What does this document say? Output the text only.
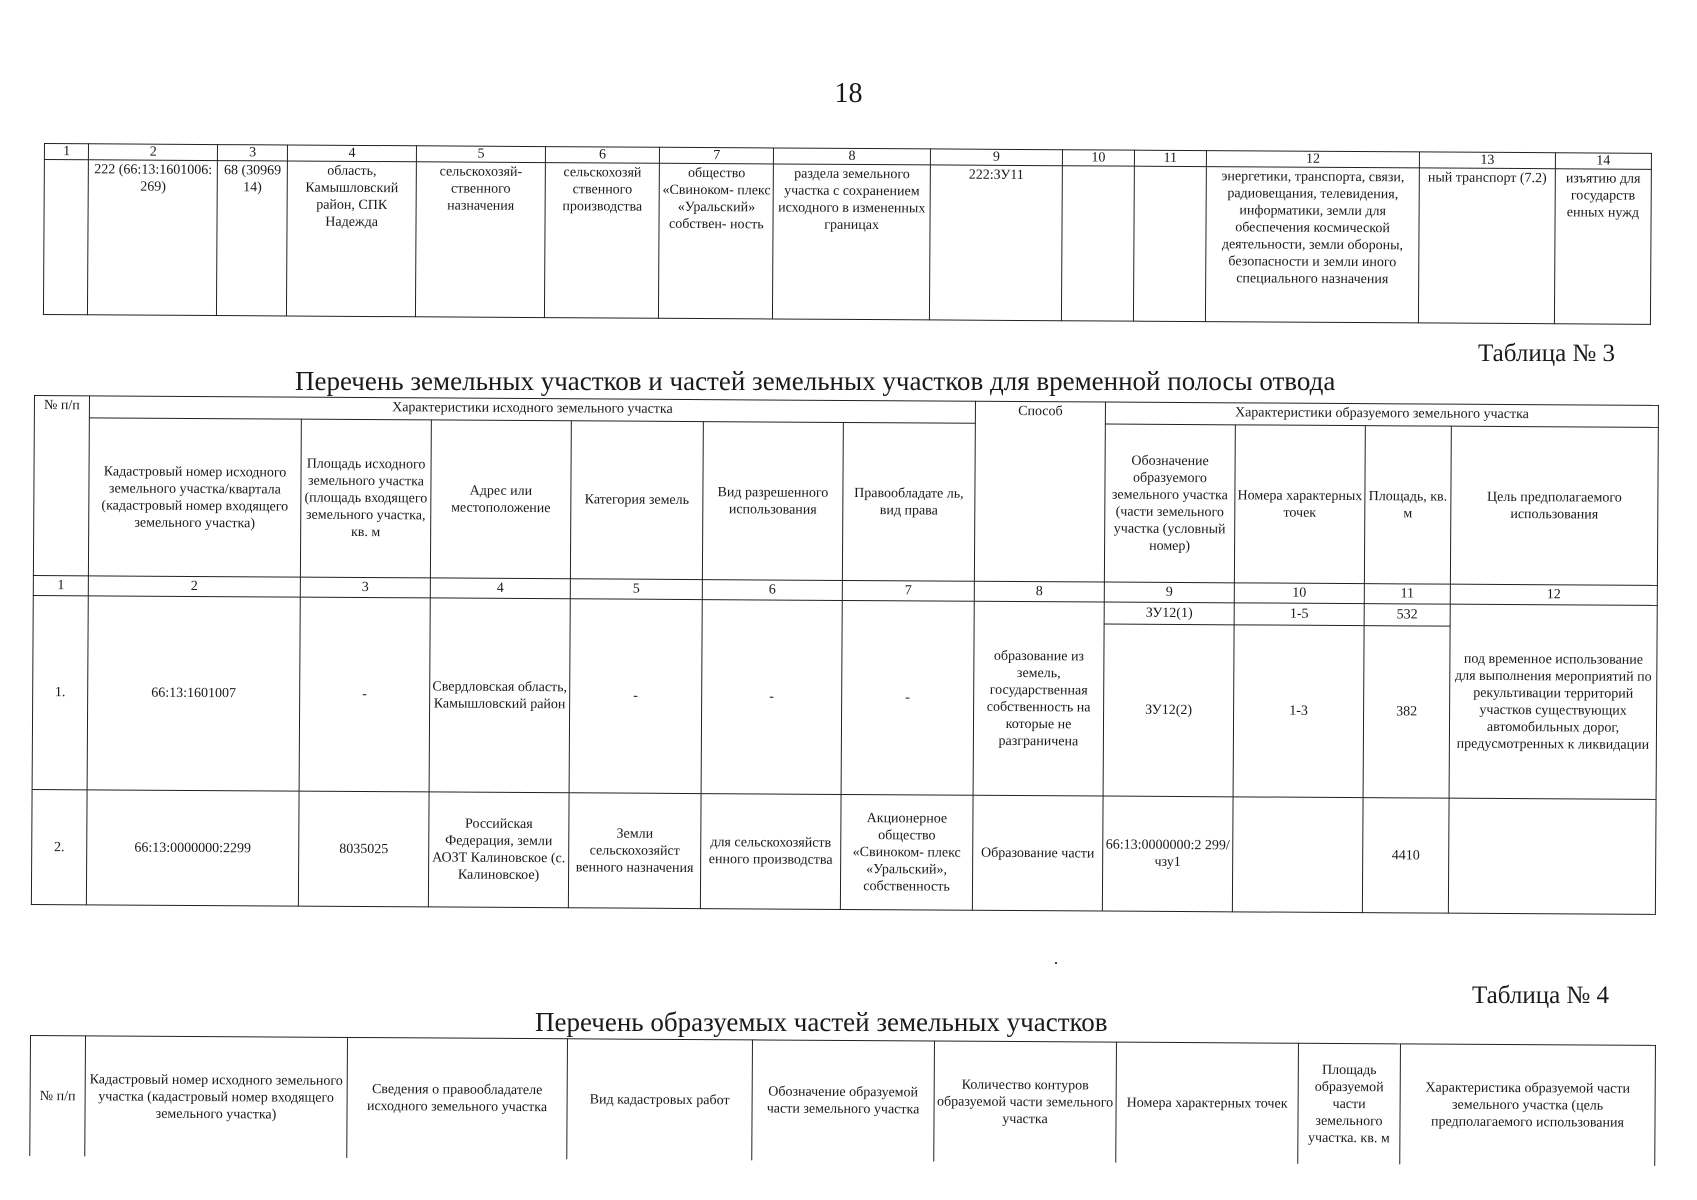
18
1	2	3	4	5	6	7	8	9	10	11	12	13	14
	222 (66:13:1601006: 269)	68 (30969 14)	область, Камышловский район, СПК Надежда	сельскохозяй- ственного назначения	сельскохозяй ственного производства	общество «Свиноком- плекс «Уральский» собствен- ность	раздела земельного участка с сохранением исходного в измененных границах	222:ЗУ11			энергетики, транспорта, связи, радиовещания, телевидения, информатики, земли для обеспечения космической деятельности, земли обороны, безопасности и земли иного специального назначения	ный транспорт (7.2)	изъятию для государств енных нужд
Таблица № 3
Перечень земельных участков и частей земельных участков для временной полосы отвода
№ п/п	Характеристики исходного земельного участка						Способ	Характеристики образуемого земельного участка			
	Кадастровый номер исходного земельного участка/квартала (кадастровый номер входящего земельного участка)	Площадь исходного земельного участка (площадь входящего земельного участка, кв. м	Адрес или местоположение	Категория земель	Вид разрешенного использования	Правообладате ль, вид права		Обозначение образуемого земельного участка (части земельного участка (условный номер)	Номера характерных точек	Площадь, кв. м	Цель предполагаемого использования
1	2	3	4	5	6	7	8	9	10	11	12
1.	66:13:1601007	-	Свердловская область, Камышловский район	-	-	-	образование из земель, государственная собственность на которые не разграничена	ЗУ12(1)	1-5	532	под временное использование для выполнения мероприятий по рекультивации территорий участков существующих автомобильных дорог, предусмотренных к ликвидации
								ЗУ12(2)	1-3	382	
2.	66:13:0000000:2299	8035025	Российская Федерация, земли АОЗТ Калиновское (с. Калиновское)	Земли сельскохозяйст венного назначения	для сельскохозяйств енного производства	Акционерное общество «Свиноком- плекс «Уральский», собственность	Образование части	66:13:0000000:2 299/чзу1		4410	
Таблица № 4
Перечень образуемых частей земельных участков
№ п/п	Кадастровый номер исходного земельного участка (кадастровый номер входящего земельного участка)	Сведения о правообладателе исходного земельного участка	Вид кадастровых работ	Обозначение образуемой части земельного участка	Количество контуров образуемой части земельного участка	Номера характерных точек	Площадь образуемой части земельного участка. кв. м	Характеристика образуемой части земельного участка (цель предполагаемого использования
